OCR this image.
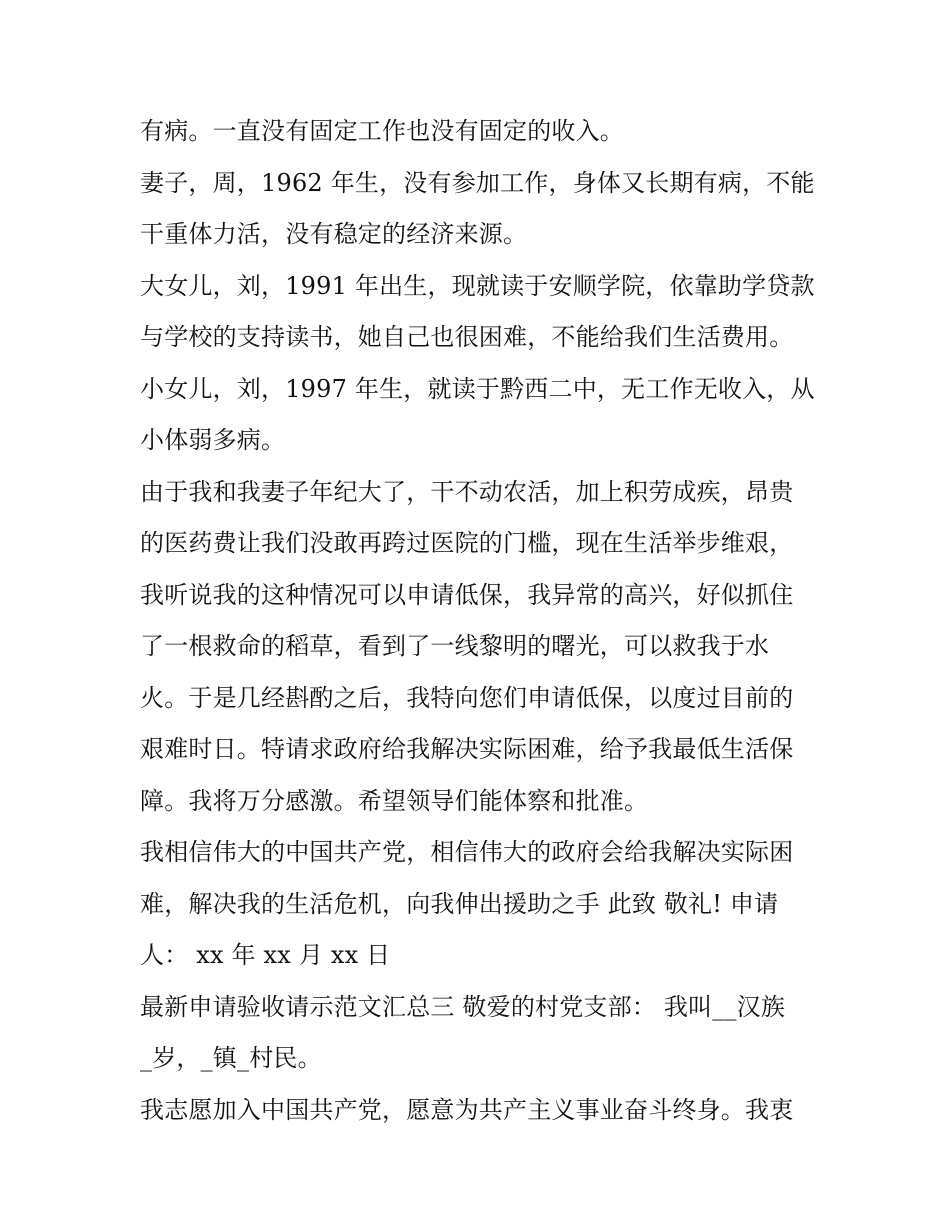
有病。一直没有固定工作也没有固定的收入。
妻子，周，1962 年生，没有参加工作，身体又长期有病，不能
干重体力活，没有稳定的经济来源。
大女儿，刘，1991 年出生，现就读于安顺学院，依靠助学贷款
与学校的支持读书，她自己也很困难，不能给我们生活费用。
小女儿，刘，1997 年生，就读于黔西二中，无工作无收入，从
小体弱多病。
由于我和我妻子年纪大了，干不动农活，加上积劳成疾，昂贵
的医药费让我们没敢再跨过医院的门槛，现在生活举步维艰，
我听说我的这种情况可以申请低保，我异常的高兴，好似抓住
了一根救命的稻草，看到了一线黎明的曙光，可以救我于水
火。于是几经斟酌之后，我特向您们申请低保，以度过目前的
艰难时日。特请求政府给我解决实际困难，给予我最低生活保
障。我将万分感激。希望领导们能体察和批准。
我相信伟大的中国共产党，相信伟大的政府会给我解决实际困
难，解决我的生活危机，向我伸出援助之手 此致 敬礼! 申请
人： xx 年 xx 月 xx 日
最新申请验收请示范文汇总三 敬爱的村党支部： 我叫__汉族
_岁，_镇_村民。
我志愿加入中国共产党，愿意为共产主义事业奋斗终身。我衷
